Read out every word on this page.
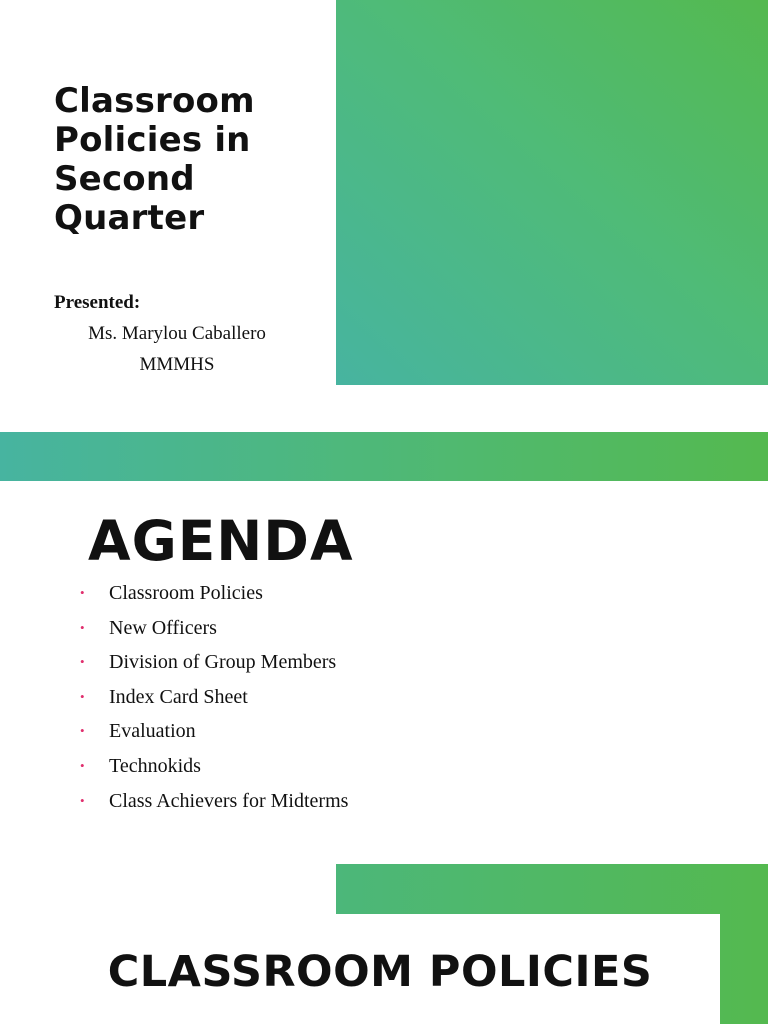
Classroom
Policies in
Second
Quarter
Presented:
Ms. Marylou Caballero
MMMHS
AGENDA
• Classroom Policies
• New Officers
• Division of Group Members
• Index Card Sheet
• Evaluation
• Technokids
• Class Achievers for Midterms
CLASSROOM POLICIES
